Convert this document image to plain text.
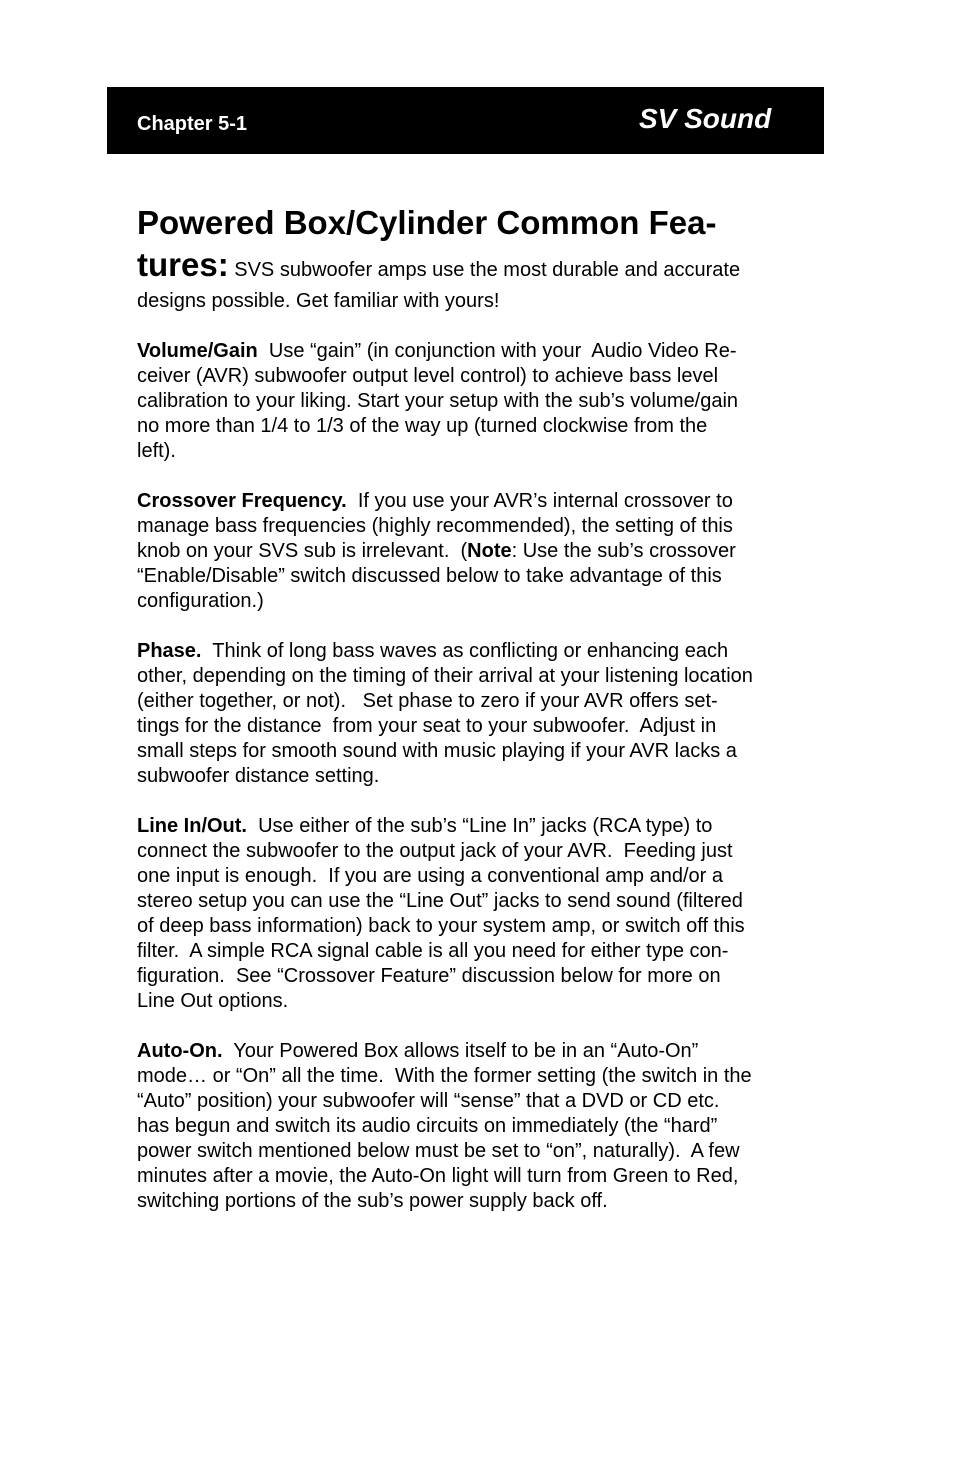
Chapter 5-1	SV Sound

Powered Box/Cylinder Common Fea-

tures: SVS subwoofer amps use the most durable and accurate

designs possible. Get familiar with yours!

Volume/Gain  Use “gain” (in conjunction with your  Audio Video Re-

ceiver (AVR) subwoofer output level control) to achieve bass level

calibration to your liking. Start your setup with the sub’s volume/gain

no more than 1/4 to 1/3 of the way up (turned clockwise from the

left).

Crossover Frequency.  If you use your AVR’s internal crossover to

manage bass frequencies (highly recommended), the setting of this

knob on your SVS sub is irrelevant.  (Note: Use the sub’s crossover

“Enable/Disable” switch discussed below to take advantage of this

configuration.)

Phase.  Think of long bass waves as conflicting or enhancing each

other, depending on the timing of their arrival at your listening location

(either together, or not).   Set phase to zero if your AVR offers set-

tings for the distance  from your seat to your subwoofer.  Adjust in

small steps for smooth sound with music playing if your AVR lacks a

subwoofer distance setting.

Line In/Out.  Use either of the sub’s “Line In” jacks (RCA type) to

connect the subwoofer to the output jack of your AVR.  Feeding just

one input is enough.  If you are using a conventional amp and/or a

stereo setup you can use the “Line Out” jacks to send sound (filtered

of deep bass information) back to your system amp, or switch off this

filter.  A simple RCA signal cable is all you need for either type con-

figuration.  See “Crossover Feature” discussion below for more on

Line Out options.

Auto-On.  Your Powered Box allows itself to be in an “Auto-On”

mode… or “On” all the time.  With the former setting (the switch in the

“Auto” position) your subwoofer will “sense” that a DVD or CD etc.

has begun and switch its audio circuits on immediately (the “hard”

power switch mentioned below must be set to “on”, naturally).  A few

minutes after a movie, the Auto-On light will turn from Green to Red,

switching portions of the sub’s power supply back off.
